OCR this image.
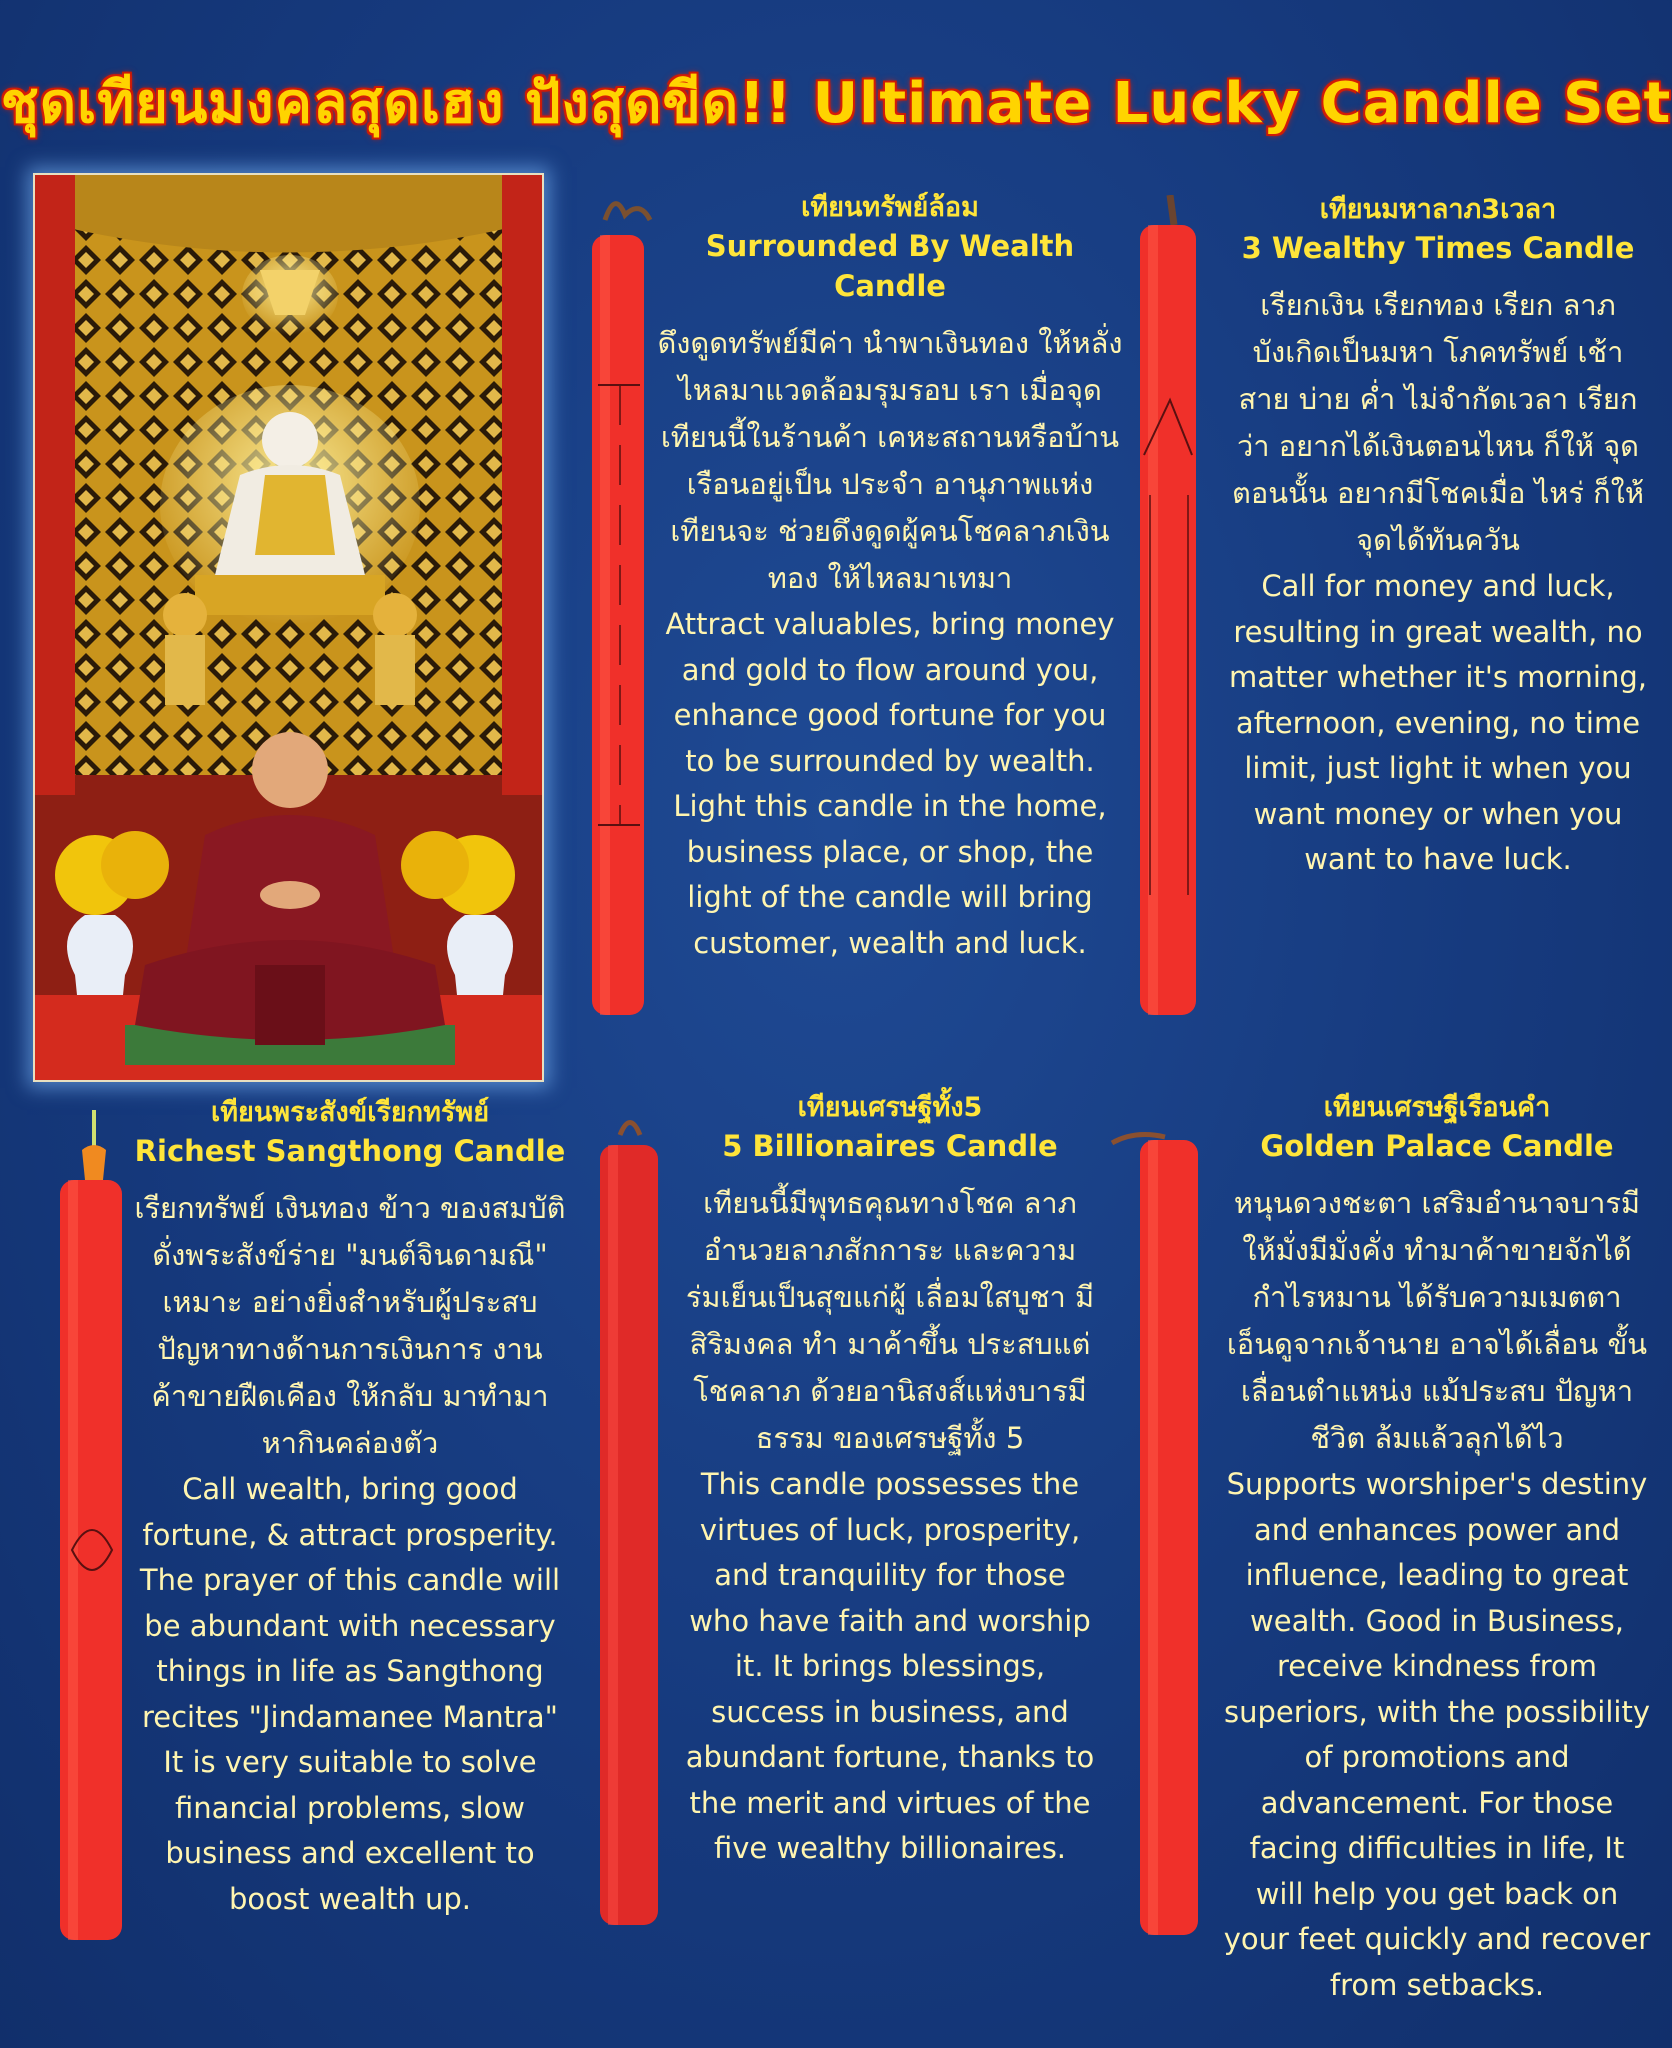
ชุดเทียนมงคลสุดเฮง ปังสุดขีด!! Ultimate Lucky Candle Set
เทียนทรัพย์ล้อม
Surrounded By Wealth Candle
ดึงดูดทรัพย์มีค่า นำพาเงินทอง ให้หลั่งไหลมาแวดล้อมรุมรอบ เรา เมื่อจุดเทียนนี้ในร้านค้า เคหะสถานหรือบ้านเรือนอยู่เป็น ประจำ อานุภาพแห่งเทียนจะ ช่วยดึงดูดผู้คนโชคลาภเงินทอง ให้ไหลมาเทมา
Attract valuables, bring money and gold to flow around you, enhance good fortune for you to be surrounded by wealth. Light this candle in the home, business place, or shop, the light of the candle will bring customer, wealth and luck.
เทียนมหาลาภ3เวลา
3 Wealthy Times Candle
เรียกเงิน เรียกทอง เรียก ลาภ บังเกิดเป็นมหา โภคทรัพย์ เช้า สาย บ่าย ค่ำ ไม่จำกัดเวลา เรียกว่า อยากได้เงินตอนไหน ก็ให้ จุดตอนนั้น อยากมีโชคเมื่อ ไหร่ ก็ให้จุดได้ทันควัน
Call for money and luck, resulting in great wealth, no matter whether it's morning, afternoon, evening, no time limit, just light it when you want money or when you want to have luck.
เทียนพระสังข์เรียกทรัพย์
Richest Sangthong Candle
เรียกทรัพย์ เงินทอง ข้าว ของสมบัติ ดั่งพระสังข์ร่าย "มนต์จินดามณี" เหมาะ อย่างยิ่งสำหรับผู้ประสบ ปัญหาทางด้านการเงินการ งาน ค้าขายฝืดเคือง ให้กลับ มาทำมาหากินคล่องตัว
Call wealth, bring good fortune, & attract prosperity. The prayer of this candle will be abundant with necessary things in life as Sangthong recites "Jindamanee Mantra" It is very suitable to solve financial problems, slow business and excellent to boost wealth up.
เทียนเศรษฐีทั้ง5
5 Billionaires Candle
เทียนนี้มีพุทธคุณทางโชค ลาภ อำนวยลาภสักการะ และความร่มเย็นเป็นสุขแก่ผู้ เลื่อมใสบูชา มีสิริมงคล ทำ มาค้าขึ้น ประสบแต่โชคลาภ ด้วยอานิสงส์แห่งบารมีธรรม ของเศรษฐีทั้ง 5
This candle possesses the virtues of luck, prosperity, and tranquility for those who have faith and worship it. It brings blessings, success in business, and abundant fortune, thanks to the merit and virtues of the five wealthy billionaires.
เทียนเศรษฐีเรือนคำ
Golden Palace Candle
หนุนดวงชะตา เสริมอำนาจบารมี ให้มั่งมีมั่งคั่ง ทำมาค้าขายจักได้ กำไรหมาน ได้รับความเมตตา เอ็นดูจากเจ้านาย อาจได้เลื่อน ขั้นเลื่อนตำแหน่ง แม้ประสบ ปัญหาชีวิต ล้มแล้วลุกได้ไว
Supports worshiper's destiny and enhances power and influence, leading to great wealth. Good in Business, receive kindness from superiors, with the possibility of promotions and advancement. For those facing difficulties in life, It will help you get back on your feet quickly and recover from setbacks.
